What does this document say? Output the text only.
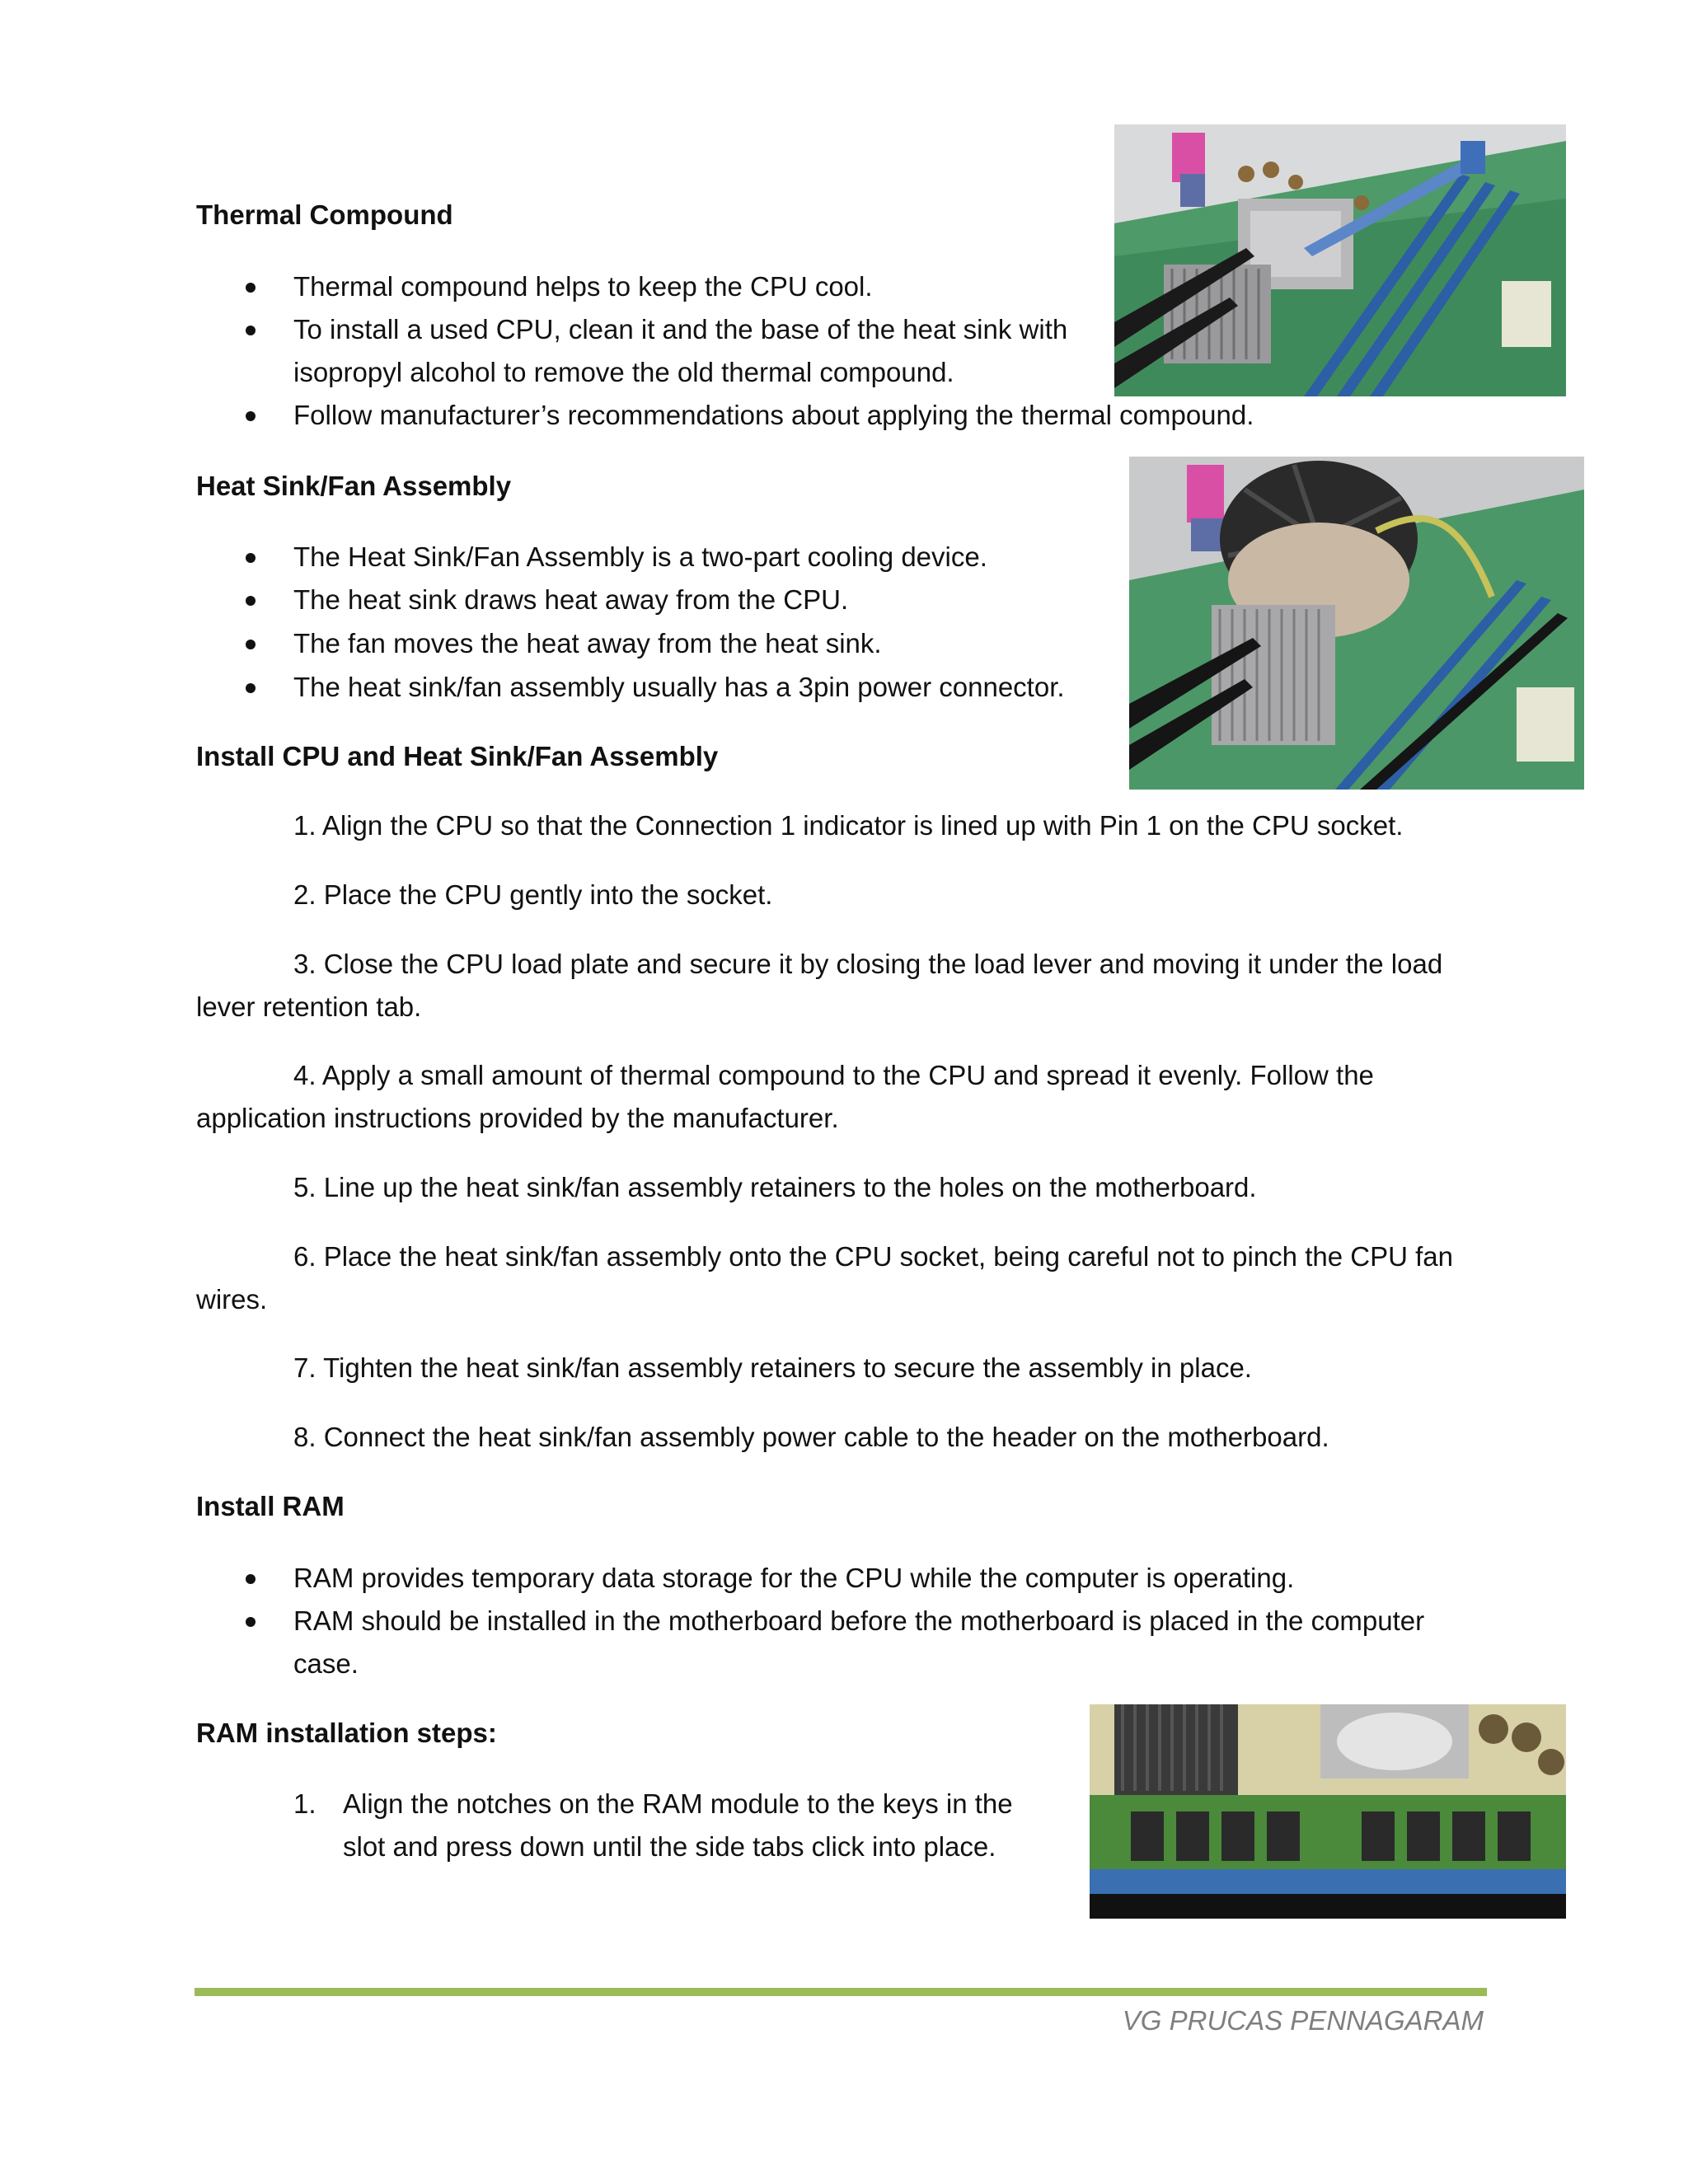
Thermal Compound
Thermal compound helps to keep the CPU cool.
To install a used CPU, clean it and the base of the heat sink with
isopropyl alcohol to remove the old thermal compound.
Follow manufacturer’s recommendations about applying the thermal compound.
Heat Sink/Fan Assembly
The Heat Sink/Fan Assembly is a two-part cooling device.
The heat sink draws heat away from the CPU.
The fan moves the heat away from the heat sink.
The heat sink/fan assembly usually has a 3pin power connector.
Install CPU and Heat Sink/Fan Assembly
1. Align the CPU so that the Connection 1 indicator is lined up with Pin 1 on the CPU socket.
2. Place the CPU gently into the socket.
3. Close the CPU load plate and secure it by closing the load lever and moving it under the load
lever retention tab.
4. Apply a small amount of thermal compound to the CPU and spread it evenly. Follow the
application instructions provided by the manufacturer.
5. Line up the heat sink/fan assembly retainers to the holes on the motherboard.
6. Place the heat sink/fan assembly onto the CPU socket, being careful not to pinch the CPU fan
wires.
7. Tighten the heat sink/fan assembly retainers to secure the assembly in place.
8. Connect the heat sink/fan assembly power cable to the header on the motherboard.
Install RAM
RAM provides temporary data storage for the CPU while the computer is operating.
RAM should be installed in the motherboard before the motherboard is placed in the computer
case.
RAM installation steps:
1. Align the notches on the RAM module to the keys in the
slot and press down until the side tabs click into place.
VG PRUCAS PENNAGARAM
